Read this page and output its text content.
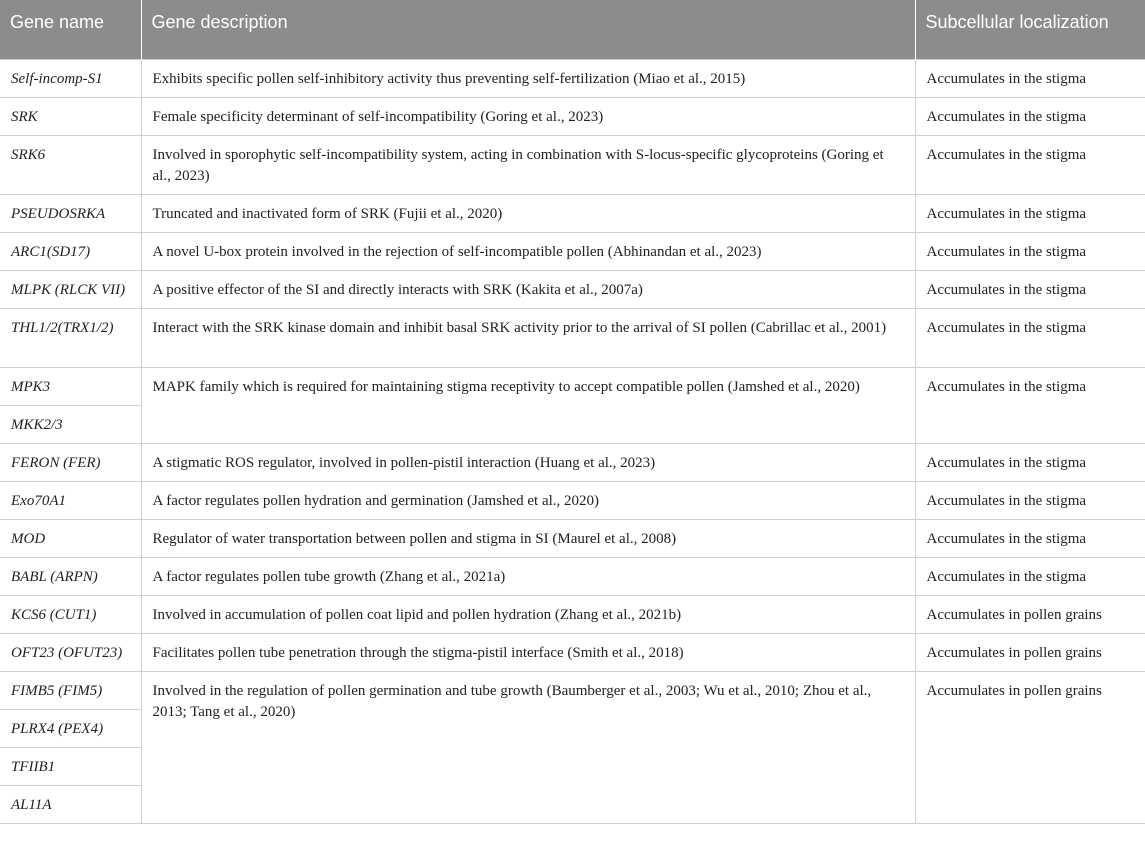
Gene name	Gene description	Subcellular localization
Self-incomp-S1	Exhibits specific pollen self-inhibitory activity thus preventing self-fertilization (Miao et al., 2015)	Accumulates in the stigma
SRK	Female specificity determinant of self-incompatibility (Goring et al., 2023)	Accumulates in the stigma
SRK6	Involved in sporophytic self-incompatibility system, acting in combination with S-locus-specific glycoproteins (Goring et al., 2023)	Accumulates in the stigma
PSEUDOSRKA	Truncated and inactivated form of SRK (Fujii et al., 2020)	Accumulates in the stigma
ARC1(SD17)	A novel U-box protein involved in the rejection of self-incompatible pollen (Abhinandan et al., 2023)	Accumulates in the stigma
MLPK (RLCK VII)	A positive effector of the SI and directly interacts with SRK (Kakita et al., 2007a)	Accumulates in the stigma
THL1/2(TRX1/2)	Interact with the SRK kinase domain and inhibit basal SRK activity prior to the arrival of SI pollen (Cabrillac et al., 2001)	Accumulates in the stigma
MPK3	MAPK family which is required for maintaining stigma receptivity to accept compatible pollen (Jamshed et al., 2020)	Accumulates in the stigma
MKK2/3		
FERON (FER)	A stigmatic ROS regulator, involved in pollen-pistil interaction (Huang et al., 2023)	Accumulates in the stigma
Exo70A1	A factor regulates pollen hydration and germination (Jamshed et al., 2020)	Accumulates in the stigma
MOD	Regulator of water transportation between pollen and stigma in SI (Maurel et al., 2008)	Accumulates in the stigma
BABL (ARPN)	A factor regulates pollen tube growth (Zhang et al., 2021a)	Accumulates in the stigma
KCS6 (CUT1)	Involved in accumulation of pollen coat lipid and pollen hydration (Zhang et al., 2021b)	Accumulates in pollen grains
OFT23 (OFUT23)	Facilitates pollen tube penetration through the stigma-pistil interface (Smith et al., 2018)	Accumulates in pollen grains
FIMB5 (FIM5)	Involved in the regulation of pollen germination and tube growth (Baumberger et al., 2003; Wu et al., 2010; Zhou et al., 2013; Tang et al., 2020)	Accumulates in pollen grains
PLRX4 (PEX4)		
TFIIB1		
AL11A		
